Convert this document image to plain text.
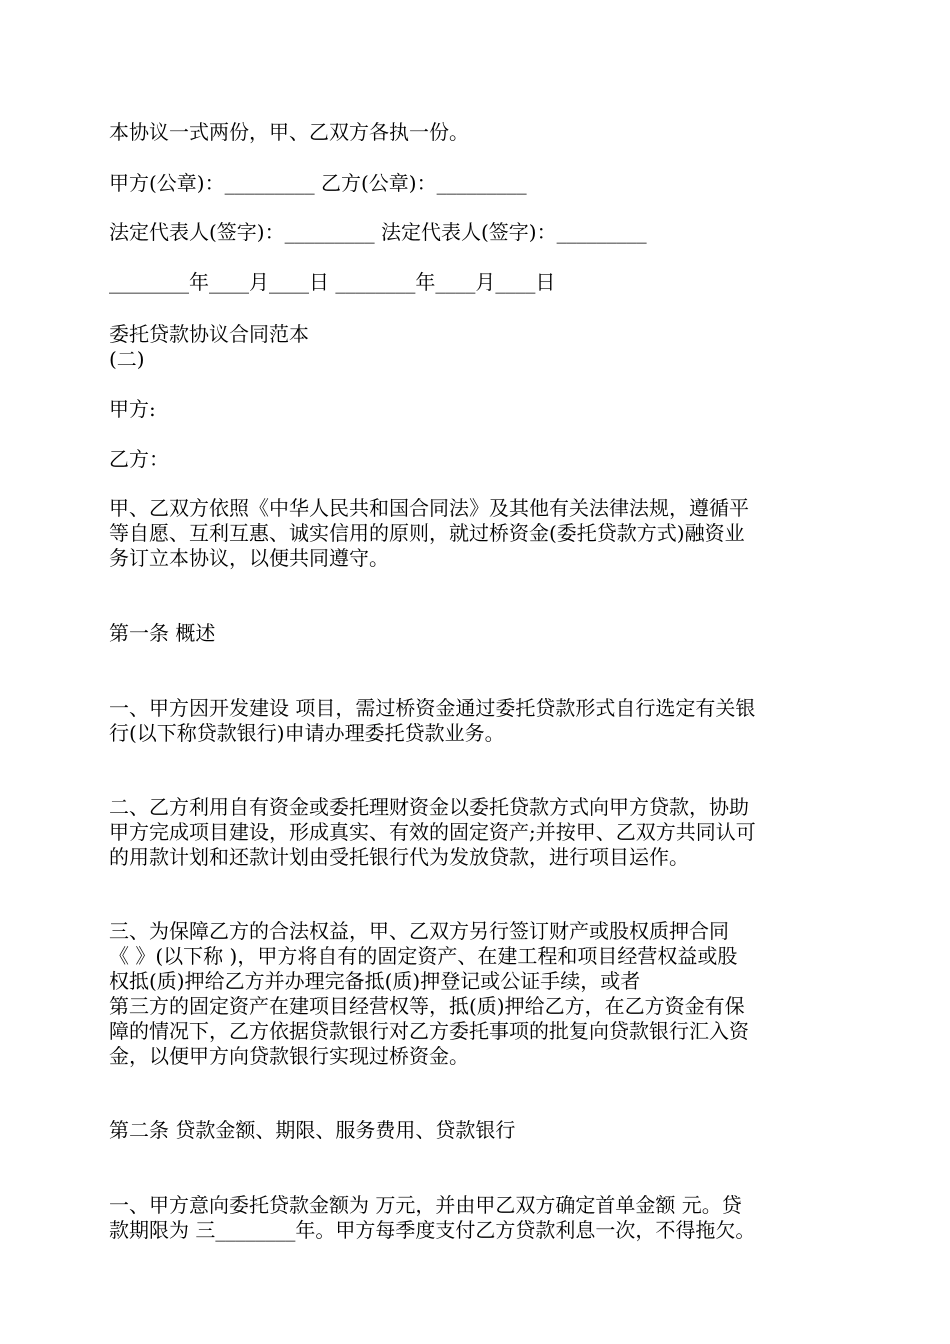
本协议一式两份，甲、乙双方各执一份。
甲方(公章)：_________ 乙方(公章)：_________
法定代表人(签字)：_________ 法定代表人(签字)：_________
________年____月____日 ________年____月____日
委托贷款协议合同范本
(二)
甲方:
乙方：
甲、乙双方依照《中华人民共和国合同法》及其他有关法律法规，遵循平
等自愿、互利互惠、诚实信用的原则，就过桥资金(委托贷款方式)融资业
务订立本协议，以便共同遵守。
第一条 概述
一、甲方因开发建设 项目，需过桥资金通过委托贷款形式自行选定有关银
行(以下称贷款银行)申请办理委托贷款业务。
二、乙方利用自有资金或委托理财资金以委托贷款方式向甲方贷款，协助
甲方完成项目建设，形成真实、有效的固定资产;并按甲、乙双方共同认可
的用款计划和还款计划由受托银行代为发放贷款，进行项目运作。
三、为保障乙方的合法权益，甲、乙双方另行签订财产或股权质押合同
《 》(以下称 )，甲方将自有的固定资产、在建工程和项目经营权益或股
权抵(质)押给乙方并办理完备抵(质)押登记或公证手续，或者
第三方的固定资产在建项目经营权等，抵(质)押给乙方，在乙方资金有保
障的情况下，乙方依据贷款银行对乙方委托事项的批复向贷款银行汇入资
金，以便甲方向贷款银行实现过桥资金。
第二条 贷款金额、期限、服务费用、贷款银行
一、甲方意向委托贷款金额为 万元，并由甲乙双方确定首单金额 元。贷
款期限为 三________年。甲方每季度支付乙方贷款利息一次，不得拖欠。
